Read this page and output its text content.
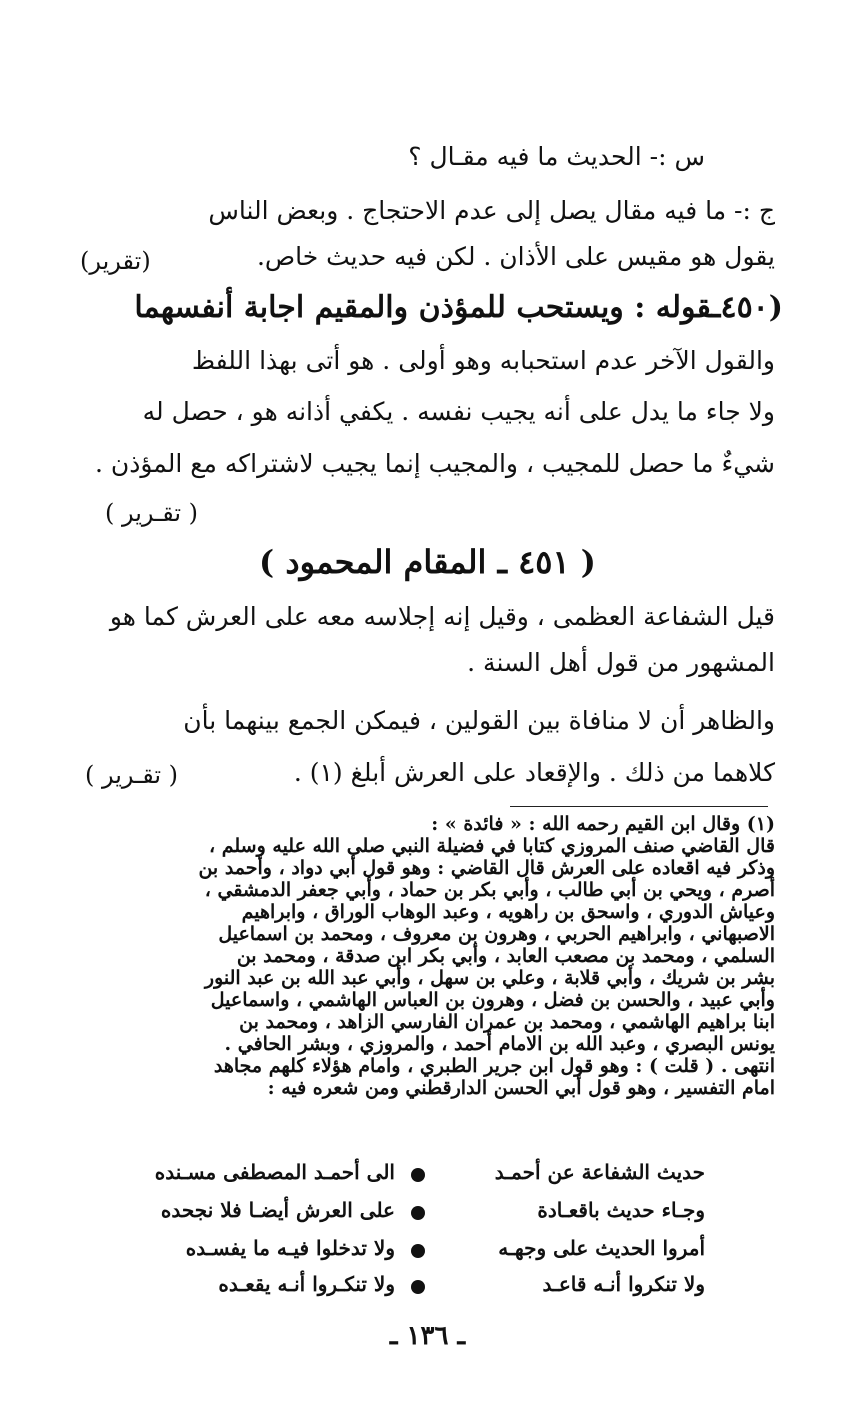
س :- الحديث ما فيه مقـال ؟
ج :- ما فيه مقال يصل إلى عدم الاحتجاج . وبعض الناس
يقول هو مقيس على الأذان . لكن فيه حديث خاص.
(تقرير)
(٤٥٠ـقوله : ويستحب للمؤذن والمقيم اجابة أنفسهما
والقول الآخر عدم استحبابه وهو أولى . هو أتى بهذا اللفظ
ولا جاء ما يدل على أنه يجيب نفسه . يكفي أذانه هو ، حصل له
شيءٌ ما حصل للمجيب ، والمجيب إنما يجيب لاشتراكه مع المؤذن .
( تقـرير )
( ٤٥١ ـ المقام المحمود )
قيل الشفاعة العظمى ، وقيل إنه إجلاسه معه على العرش كما هو
المشهور من قول أهل السنة .
والظاهر أن لا منافاة بين القولين ، فيمكن الجمع بينهما بأن
كلاهما من ذلك . والإقعاد على العرش أبلغ (١) .
( تقـرير )
(١) وقال ابن القيم رحمه الله : « فائدة » :
قال القاضي صنف المروزي كتابا في فضيلة النبي صلى الله عليه وسلم ،
وذكر فيه اقعاده على العرش قال القاضي : وهو قول أبي دواد ، وأحمد بن
أصرم ، ويحي بن أبي طالب ، وأبي بكر بن حماد ، وأبي جعفر الدمشقي ،
وعياش الدوري ، واسحق بن راهويه ، وعبد الوهاب الوراق ، وابراهيم
الاصبهاني ، وابراهيم الحربي ، وهرون بن معروف ، ومحمد بن اسماعيل
السلمي ، ومحمد بن مصعب العابد ، وأبي بكر ابن صدقة ، ومحمد بن
بشر بن شريك ، وأبي قلابة ، وعلي بن سهل ، وأبي عبد الله بن عبد النور
وأبي عبيد ، والحسن بن فضل ، وهرون بن العباس الهاشمي ، واسماعيل
ابنا براهيم الهاشمي ، ومحمد بن عمران الفارسي الزاهد ، ومحمد بن
يونس البصري ، وعبد الله بن الامام أحمد ، والمروزي ، وبشر الحافي .
انتهى . ( قلت ) : وهو قول ابن جرير الطبري ، وامام هؤلاء كلهم مجاهد
امام التفسير ، وهو قول أبي الحسن الدارقطني ومن شعره فيه :
حديث الشفاعة عن أحمـد
الى أحمـد المصطفى مسـنده
وجـاء حديث باقعـادة
على العرش أيضـا فلا نجحده
أمروا الحديث على وجهـه
ولا تدخلوا فيـه ما يفسـده
ولا تنكروا أنـه قاعـد
ولا تنكـروا أنـه يقعـده
ـ ١٣٦ ـ
